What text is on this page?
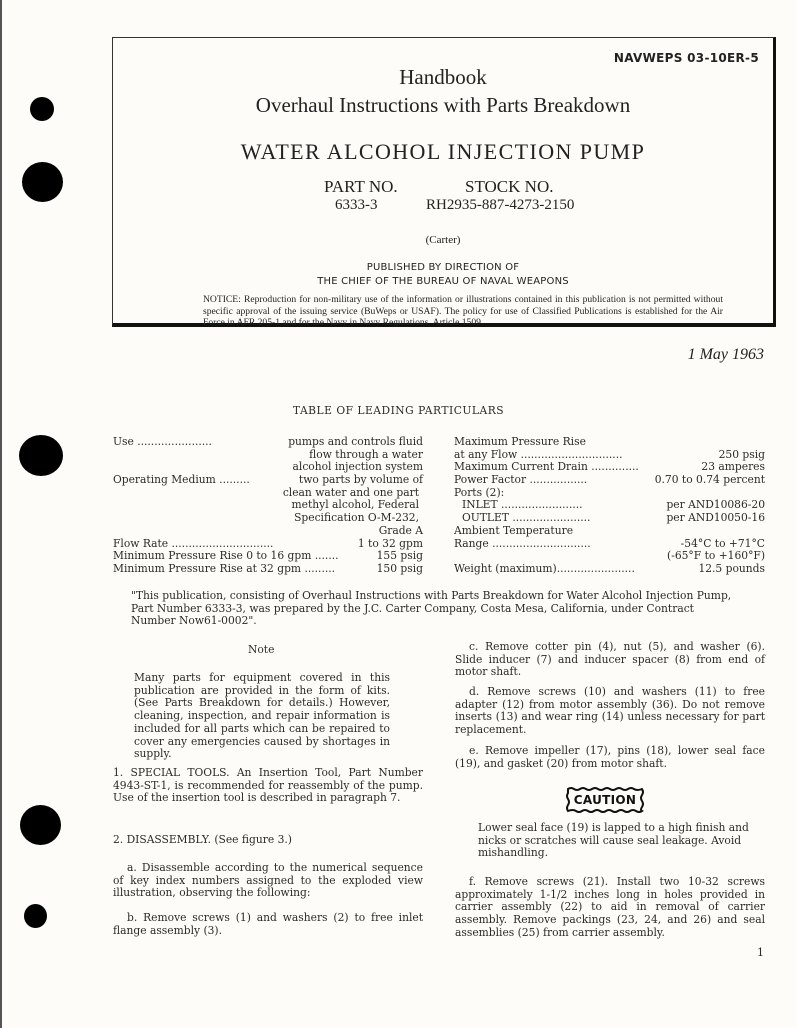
NAVWEPS 03-10ER-5
Handbook
Overhaul Instructions with Parts Breakdown
WATER ALCOHOL INJECTION PUMP
PART NO.	STOCK NO.
6333-3	RH2935-887-4273-2150
(Carter)
PUBLISHED BY DIRECTION OF
THE CHIEF OF THE BUREAU OF NAVAL WEAPONS
NOTICE: Reproduction for non-military use of the information or illustrations contained in this publication is not permitted without specific approval of the issuing service (BuWeps or USAF). The policy for use of Classified Publications is established for the Air Force in AFR 205-1 and for the Navy in Navy Regulations, Article 1509.
1 May 1963
TABLE OF LEADING PARTICULARS
Use ......................	pumps and controls fluid
flow through a water
alcohol injection system
Operating Medium .........	two parts by volume of
clean water and one part
methyl alcohol, Federal
Specification O-M-232,
Grade A
Flow Rate ..............................	1 to 32 gpm
Minimum Pressure Rise 0 to 16 gpm .......	155 psig
Minimum Pressure Rise at 32 gpm .........	150 psig
Maximum Pressure Rise
at any Flow ..............................	250 psig
Maximum Current Drain ..............	23 amperes
Power Factor .................	0.70 to 0.74 percent
Ports (2):
INLET ........................	per AND10086-20
OUTLET .......................	per AND10050-16
Ambient Temperature
Range .............................	-54°C to +71°C
(-65°F to +160°F)
Weight (maximum).......................	12.5 pounds
"This publication, consisting of Overhaul Instructions with Parts Breakdown for Water Alcohol Injection Pump, Part Number 6333-3, was prepared by the J.C. Carter Company, Costa Mesa, California, under Contract Number Now61-0002".
Note
Many parts for equipment covered in this publication are provided in the form of kits. (See Parts Breakdown for details.) However, cleaning, inspection, and repair information is included for all parts which can be repaired to cover any emergencies caused by shortages in supply.
1. SPECIAL TOOLS. An Insertion Tool, Part Number 4943-ST-1, is recommended for reassembly of the pump. Use of the insertion tool is described in paragraph 7.
2. DISASSEMBLY. (See figure 3.)
a. Disassemble according to the numerical sequence of key index numbers assigned to the exploded view illustration, observing the following:
b. Remove screws (1) and washers (2) to free inlet flange assembly (3).
c. Remove cotter pin (4), nut (5), and washer (6). Slide inducer (7) and inducer spacer (8) from end of motor shaft.
d. Remove screws (10) and washers (11) to free adapter (12) from motor assembly (36). Do not remove inserts (13) and wear ring (14) unless necessary for part replacement.
e. Remove impeller (17), pins (18), lower seal face (19), and gasket (20) from motor shaft.
CAUTION
Lower seal face (19) is lapped to a high finish and nicks or scratches will cause seal leakage. Avoid mishandling.
f. Remove screws (21). Install two 10-32 screws approximately 1-1/2 inches long in holes provided in carrier assembly (22) to aid in removal of carrier assembly. Remove packings (23, 24, and 26) and seal assemblies (25) from carrier assembly.
1
